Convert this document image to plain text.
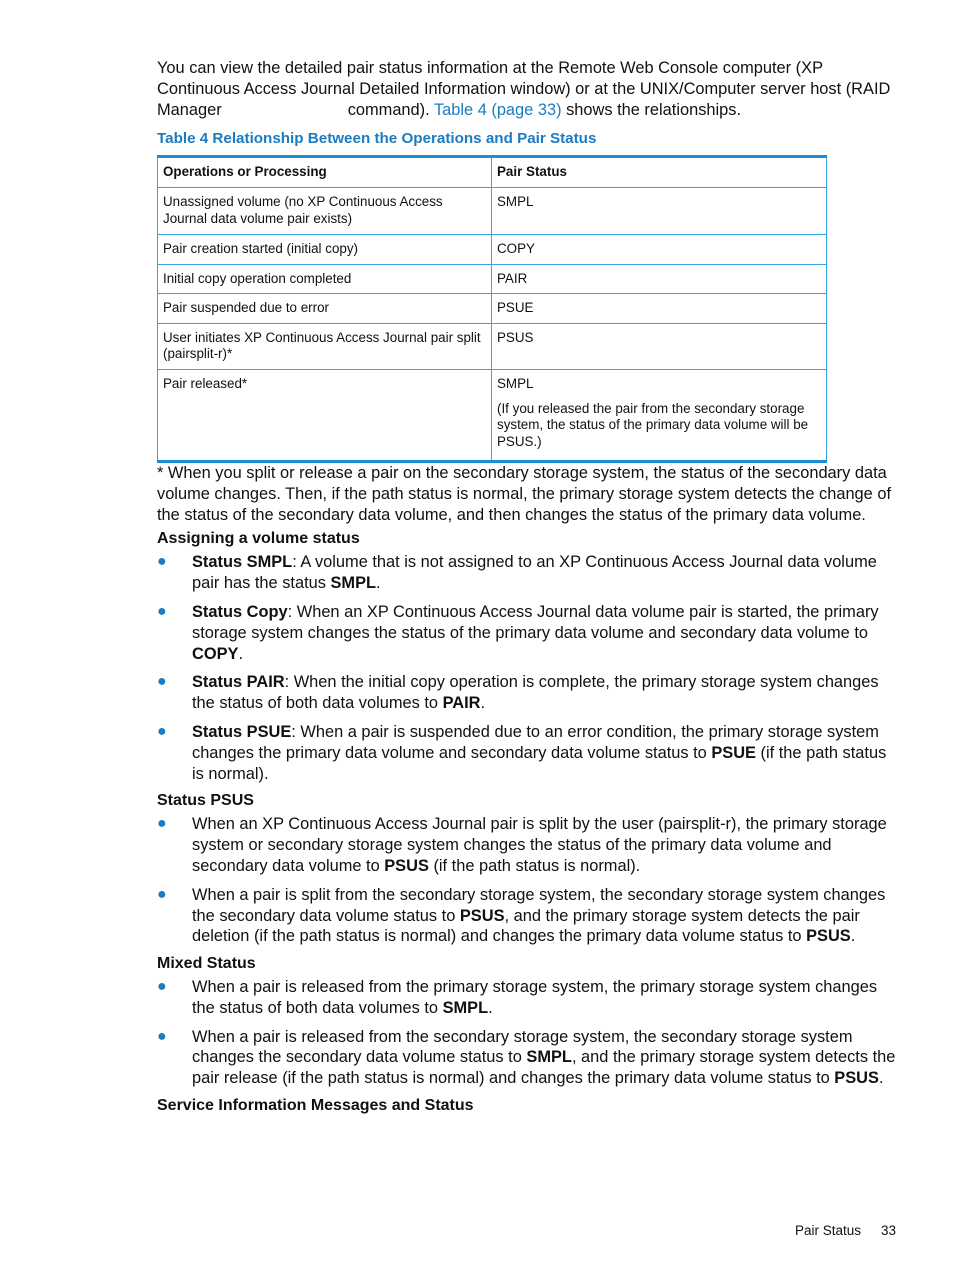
You can view the detailed pair status information at the Remote Web Console computer (XP Continuous Access Journal Detailed Information window) or at the UNIX/Computer server host (RAID Manager	command). Table 4 (page 33) shows the relationships.

Table 4 Relationship Between the Operations and Pair Status
Operations or Processing	Pair Status
Unassigned volume (no XP Continuous Access Journal data volume pair exists)	SMPL
Pair creation started (initial copy)	COPY
Initial copy operation completed	PAIR
Pair suspended due to error	PSUE
User initiates XP Continuous Access Journal pair split (pairsplit-r)*	PSUS
Pair released*	SMPL
(If you released the pair from the secondary storage system, the status of the primary data volume will be PSUS.)

* When you split or release a pair on the secondary storage system, the status of the secondary data volume changes. Then, if the path status is normal, the primary storage system detects the change of the status of the secondary data volume, and then changes the status of the primary data volume.

Assigning a volume status
● Status SMPL: A volume that is not assigned to an XP Continuous Access Journal data volume pair has the status SMPL.
● Status Copy: When an XP Continuous Access Journal data volume pair is started, the primary storage system changes the status of the primary data volume and secondary data volume to COPY.
● Status PAIR: When the initial copy operation is complete, the primary storage system changes the status of both data volumes to PAIR.
● Status PSUE: When a pair is suspended due to an error condition, the primary storage system changes the primary data volume and secondary data volume status to PSUE (if the path status is normal).
Status PSUS
● When an XP Continuous Access Journal pair is split by the user (pairsplit-r), the primary storage system or secondary storage system changes the status of the primary data volume and secondary data volume to PSUS (if the path status is normal).
● When a pair is split from the secondary storage system, the secondary storage system changes the secondary data volume status to PSUS, and the primary storage system detects the pair deletion (if the path status is normal) and changes the primary data volume status to PSUS.
Mixed Status
● When a pair is released from the primary storage system, the primary storage system changes the status of both data volumes to SMPL.
● When a pair is released from the secondary storage system, the secondary storage system changes the secondary data volume status to SMPL, and the primary storage system detects the pair release (if the path status is normal) and changes the primary data volume status to PSUS.
Service Information Messages and Status
Pair Status 33
